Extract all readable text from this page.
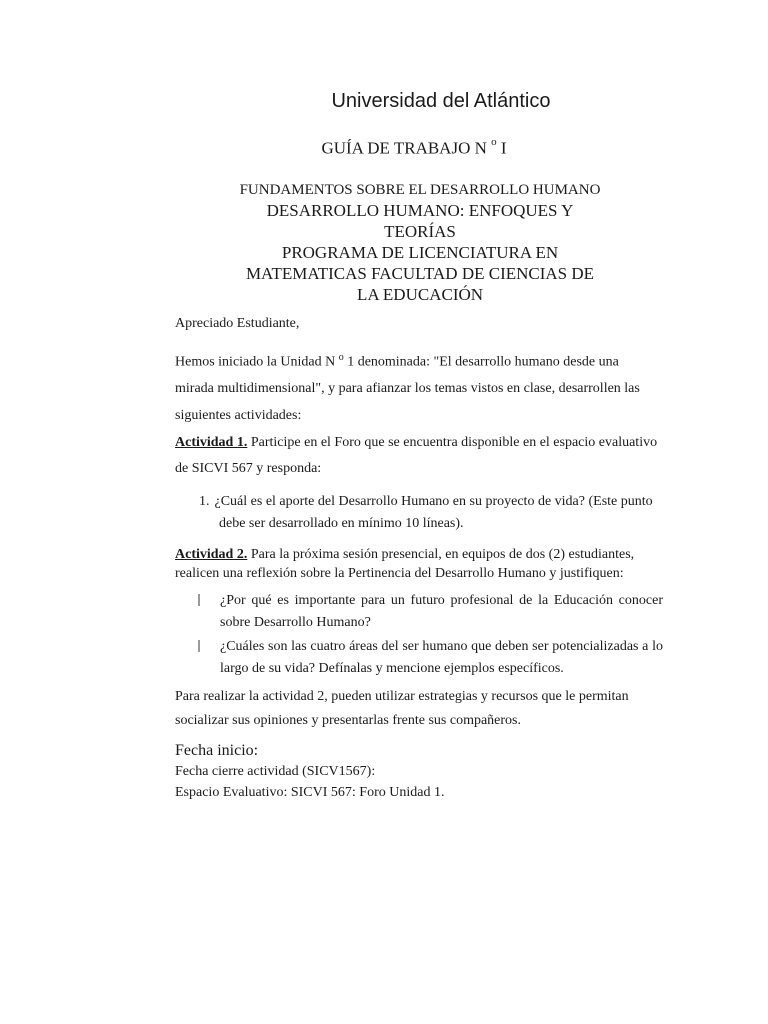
Universidad del Atlántico
GUÍA DE TRABAJO N $^o$ I
FUNDAMENTOS SOBRE EL DESARROLLO HUMANO
DESARROLLO HUMANO: ENFOQUES Y
TEORÍAS
PROGRAMA DE LICENCIATURA EN
MATEMATICAS FACULTAD DE CIENCIAS DE
LA EDUCACIÓN
Apreciado Estudiante,
Hemos iniciado la Unidad N $^o$ 1 denominada: "El desarrollo humano desde una mirada multidimensional", y para afianzar los temas vistos en clase, desarrollen las siguientes actividades:
Actividad 1. Participe en el Foro que se encuentra disponible en el espacio evaluativo de SICVI 567 y responda:
1. ¿Cuál es el aporte del Desarrollo Humano en su proyecto de vida? (Este punto
debe ser desarrollado en mínimo 10 líneas).
Actividad 2. Para la próxima sesión presencial, en equipos de dos (2) estudiantes, realicen una reflexión sobre la Pertinencia del Desarrollo Humano y justifiquen:
¿Por qué es importante para un futuro profesional de la Educación conocer sobre Desarrollo Humano?
¿Cuáles son las cuatro áreas del ser humano que deben ser potencializadas a lo largo de su vida? Defínalas y mencione ejemplos específicos.
Para realizar la actividad 2, pueden utilizar estrategias y recursos que le permitan socializar sus opiniones y presentarlas frente sus compañeros.
Fecha inicio:
Fecha cierre actividad (SICV1567):
Espacio Evaluativo: SICVI 567: Foro Unidad 1.
